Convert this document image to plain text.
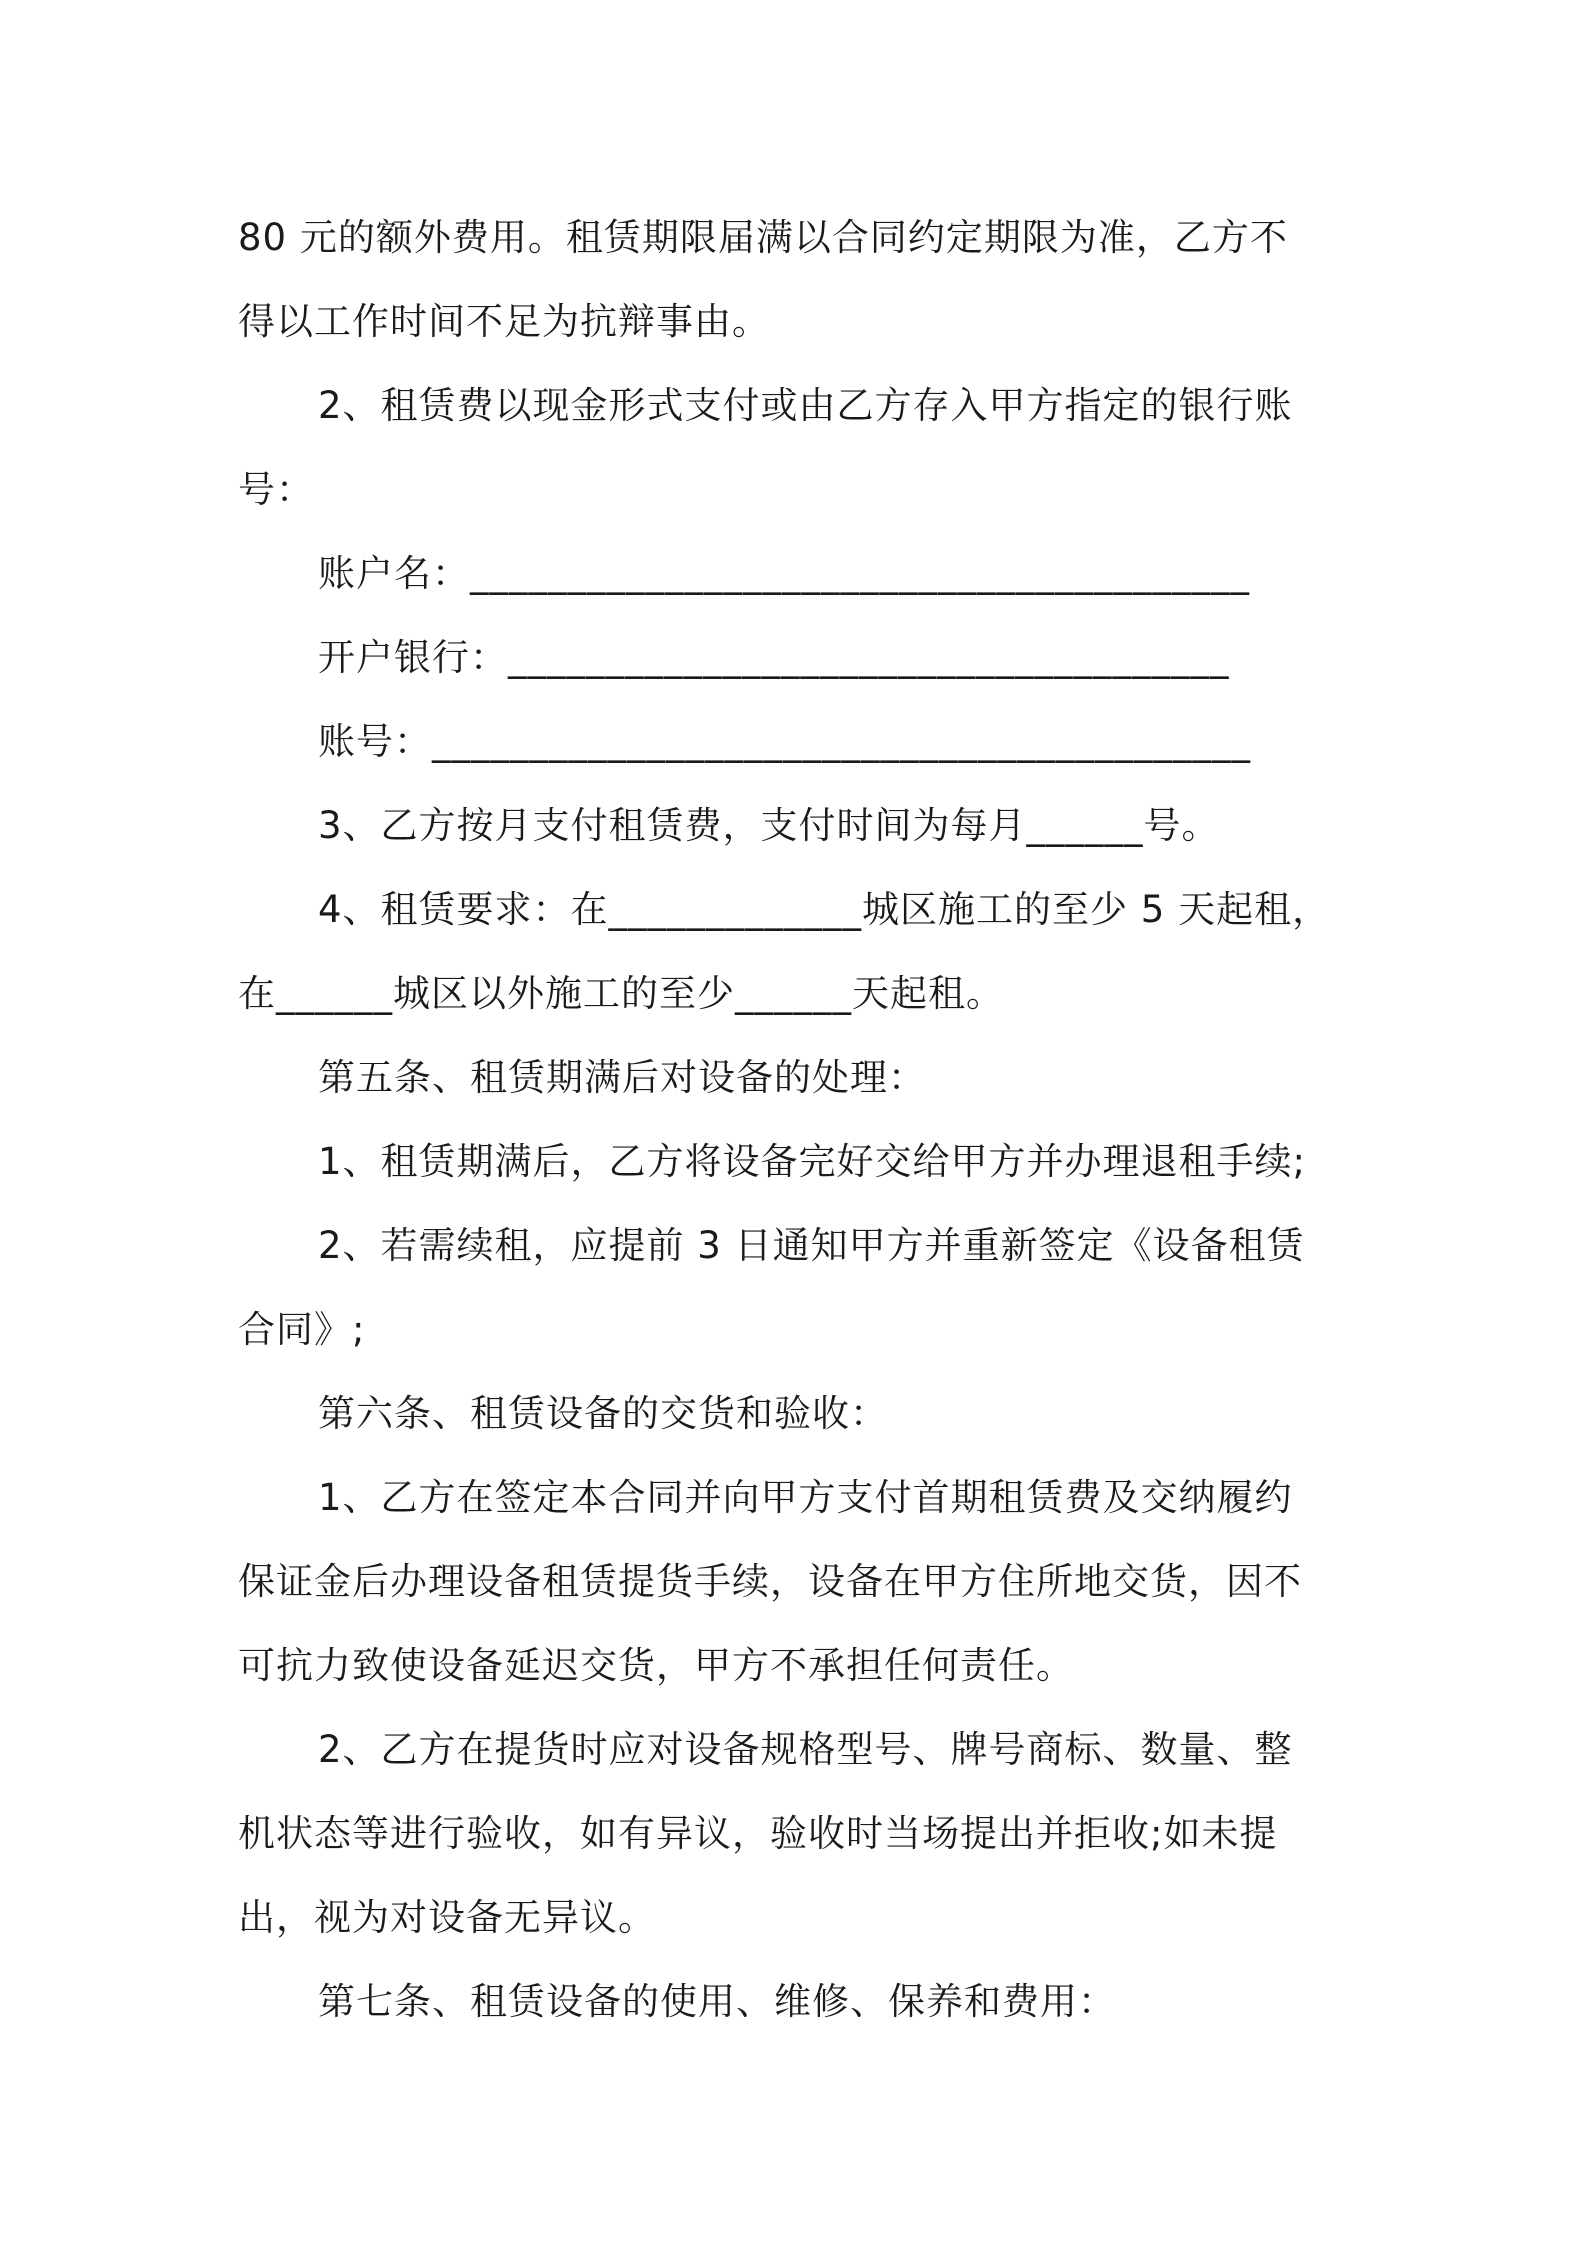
80 元的额外费用。租赁期限届满以合同约定期限为准，乙方不
得以工作时间不足为抗辩事由。
2、租赁费以现金形式支付或由乙方存入甲方指定的银行账
号：
账户名：________________________________________
开户银行：_____________________________________
账号：__________________________________________
3、乙方按月支付租赁费，支付时间为每月______号。
4、租赁要求：在_____________城区施工的至少 5 天起租，
在______城区以外施工的至少______天起租。
第五条、租赁期满后对设备的处理：
1、租赁期满后，乙方将设备完好交给甲方并办理退租手续;
2、若需续租，应提前 3 日通知甲方并重新签定《设备租赁
合同》;
第六条、租赁设备的交货和验收：
1、乙方在签定本合同并向甲方支付首期租赁费及交纳履约
保证金后办理设备租赁提货手续，设备在甲方住所地交货，因不
可抗力致使设备延迟交货，甲方不承担任何责任。
2、乙方在提货时应对设备规格型号、牌号商标、数量、整
机状态等进行验收，如有异议，验收时当场提出并拒收;如未提
出，视为对设备无异议。
第七条、租赁设备的使用、维修、保养和费用：
